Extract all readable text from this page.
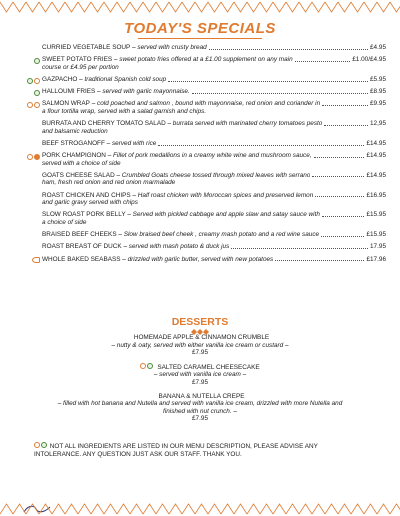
TODAY'S SPECIALS
CURRIED VEGETABLE SOUP – served with crusty bread	£4.95
SWEET POTATO FRIES – sweet potato fries offered at a £1.00 supplement on any main	£1.00/£4.95
course or £4.95 per portion
GAZPACHO – traditional Spanish cold soup	£5.95
HALLOUMI FRIES – served with garlic mayonnaise.	£8.95
SALMON WRAP – cold poached and salmon , bound with mayonnaise, red onion and coriander in	£9.95
a flour tortilla wrap, served with a salad garnish and chips.
BURRATA AND CHERRY TOMATO SALAD – burrata served with marinated cherry tomatoes pesto	12,95
and balsamic reduction
BEEF STROGANOFF – served with rice	£14.95
PORK CHAMPIGNON – Fillet of pork medallions in a creamy white wine and mushroom sauce,	£14.95
served with a choice of side
GOATS CHEESE SALAD – Crumbled Goats cheese tossed through mixed leaves with serrano	£14.95
ham, fresh red onion and red onion marmalade
ROAST CHICKEN AND CHIPS – Half roast chicken with Moroccan spices and preserved lemon	£16.95
and garlic gravy served with chips
SLOW ROAST PORK BELLY – Served with pickled cabbage and apple slaw and satay sauce with	£15.95
a choice of side
BRAISED BEEF CHEEKS – Slow braised beef cheek , creamy mash potato and a red wine sauce	£15.95
ROAST BREAST OF DUCK – served with mash potato & duck jus	17.95
WHOLE BAKED SEABASS – drizzled with garlic butter, served with new potatoes	£17.96
DESSERTS
HOMEMADE APPLE & CINNAMON CRUMBLE
– nutty & oaty, served with either vanilla ice cream or custard –
£7.95
SALTED CARAMEL CHEESECAKE
– served with vanilla ice cream –
£7.95
BANANA & NUTELLA CREPE
– filled with hot banana and Nutella and served with vanilla ice cream, drizzled with more Nutella and
finished with nut crunch. –
£7.95
NOT ALL INGREDIENTS ARE LISTED IN OUR MENU DESCRIPTION, PLEASE ADVISE ANY INTOLERANCE. ANY QUESTION JUST ASK OUR STAFF. THANK YOU.
